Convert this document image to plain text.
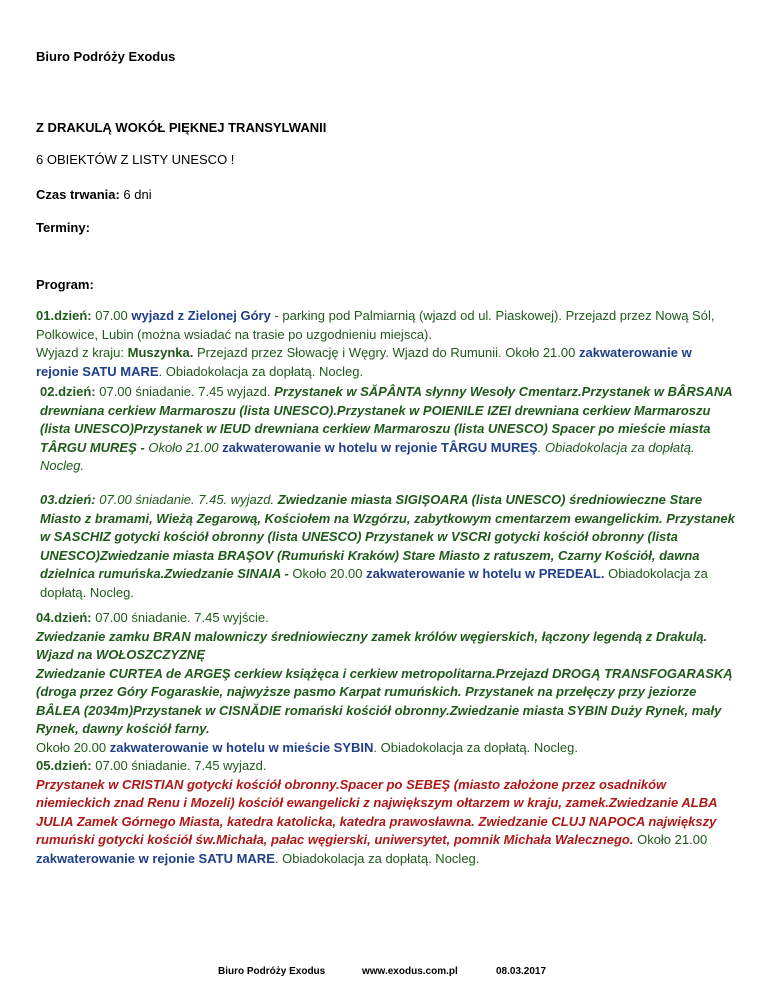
Biuro Podróży Exodus
Z DRAKULĄ WOKÓŁ PIĘKNEJ TRANSYLWANII
6 OBIEKTÓW Z LISTY UNESCO !
Czas trwania: 6 dni
Terminy:
Program:
01.dzień: 07.00 wyjazd z Zielonej Góry - parking pod Palmiarnią (wjazd od ul. Piaskowej). Przejazd przez Nową Sól, Polkowice, Lubin (można wsiadać na trasie po uzgodnieniu miejsca).
Wyjazd z kraju: Muszynka. Przejazd przez Słowację i Węgry. Wjazd do Rumunii. Około 21.00 zakwaterowanie w rejonie SATU MARE. Obiadokolacja za dopłatą. Nocleg.
02.dzień: 07.00 śniadanie. 7.45 wyjazd. Przystanek w SĂPÂNTA słynny Wesoły Cmentarz.Przystanek w BÂRSANA drewniana cerkiew Marmaroszu (lista UNESCO).Przystanek w POIENILE IZEI drewniana cerkiew Marmaroszu (lista UNESCO)Przystanek w IEUD drewniana cerkiew Marmaroszu (lista UNESCO) Spacer po mieście miasta TÂRGU MUREŞ - Około 21.00 zakwaterowanie w hotelu w rejonie TÂRGU MUREŞ. Obiadokolacja za dopłatą. Nocleg.
03.dzień: 07.00 śniadanie. 7.45. wyjazd. Zwiedzanie miasta SIGIŞOARA (lista UNESCO) średniowieczne Stare Miasto z bramami, Wieżą Zegarową, Kościołem na Wzgórzu, zabytkowym cmentarzem ewangelickim. Przystanek w SASCHIZ gotycki kościół obronny (lista UNESCO) Przystanek w VSCRI gotycki kościół obronny (lista UNESCO)Zwiedzanie miasta BRAŞOV (Rumuński Kraków) Stare Miasto z ratuszem, Czarny Kościół, dawna dzielnica rumuńska.Zwiedzanie SINAIA - Około 20.00 zakwaterowanie w hotelu w PREDEAL. Obiadokolacja za dopłatą. Nocleg.
04.dzień: 07.00 śniadanie. 7.45 wyjście.
Zwiedzanie zamku BRAN malowniczy średniowieczny zamek królów węgierskich, łączony legendą z Drakulą.
Wjazd na WOŁOSZCZYZNĘ
Zwiedzanie CURTEA de ARGEŞ cerkiew książęca i cerkiew metropolitarna.Przejazd DROGĄ TRANSFOGARASKĄ (droga przez Góry Fogaraskie, najwyższe pasmo Karpat rumuńskich. Przystanek na przełęczy przy jeziorze BÂLEA (2034m)Przystanek w CISNĂDIE romański kościół obronny.Zwiedzanie miasta SYBIN Duży Rynek, mały Rynek, dawny kościół farny.
Około 20.00 zakwaterowanie w hotelu w mieście SYBIN. Obiadokolacja za dopłatą. Nocleg.
05.dzień: 07.00 śniadanie. 7.45 wyjazd.
Przystanek w CRISTIAN gotycki kościół obronny.Spacer po SEBEŞ (miasto założone przez osadników niemieckich znad Renu i Mozeli) kościół ewangelicki z największym ołtarzem w kraju, zamek.Zwiedzanie ALBA JULIA Zamek Górnego Miasta, katedra katolicka, katedra prawosławna. Zwiedzanie CLUJ NAPOCA największy rumuński gotycki kościół św.Michała, pałac węgierski, uniwersytet, pomnik Michała Walecznego. Około 21.00 zakwaterowanie w rejonie SATU MARE. Obiadokolacja za dopłatą. Nocleg.
Biuro Podróży Exodus	www.exodus.com.pl	08.03.2017
